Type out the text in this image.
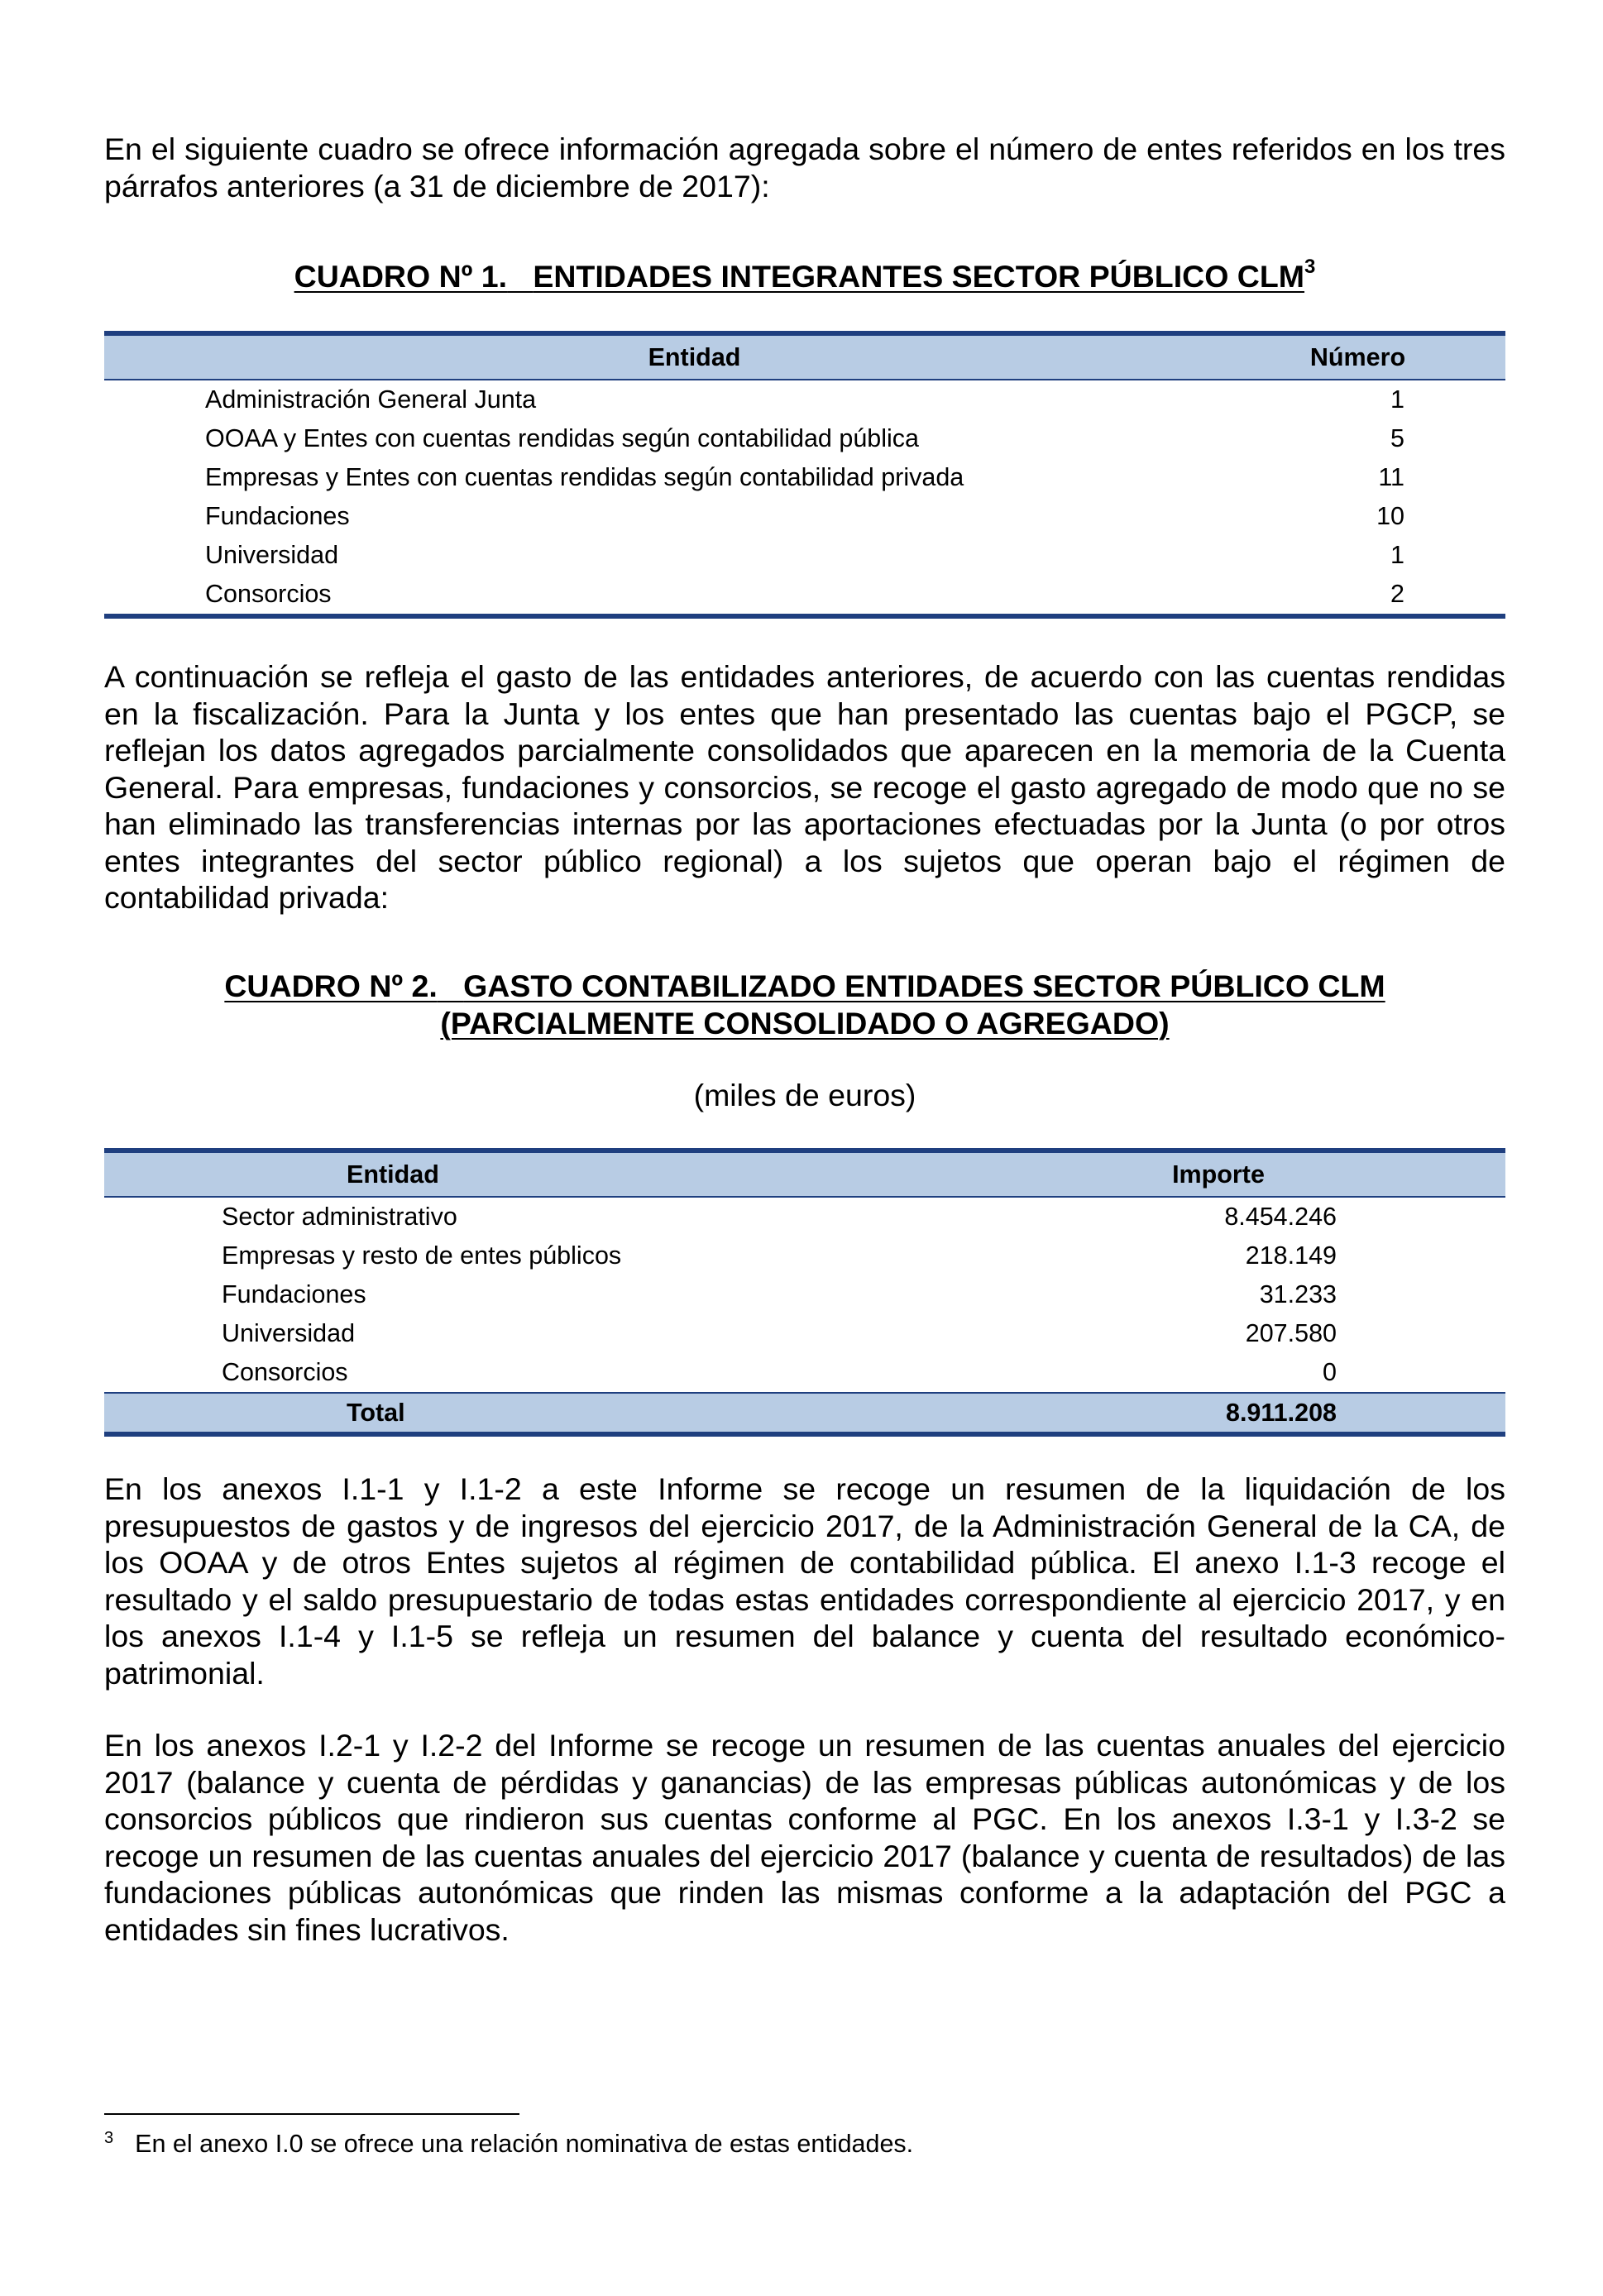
En el siguiente cuadro se ofrece información agregada sobre el número de entes referidos en los tres párrafos anteriores (a 31 de diciembre de 2017):

CUADRO Nº 1. ENTIDADES INTEGRANTES SECTOR PÚBLICO CLM$^3$

Entidad	Número
Administración General Junta	1
OOAA y Entes con cuentas rendidas según contabilidad pública	5
Empresas y Entes con cuentas rendidas según contabilidad privada	11
Fundaciones	10
Universidad	1
Consorcios	2

A continuación se refleja el gasto de las entidades anteriores, de acuerdo con las cuentas rendidas en la fiscalización. Para la Junta y los entes que han presentado las cuentas bajo el PGCP, se reflejan los datos agregados parcialmente consolidados que aparecen en la memoria de la Cuenta General. Para empresas, fundaciones y consorcios, se recoge el gasto agregado de modo que no se han eliminado las transferencias internas por las aportaciones efectuadas por la Junta (o por otros entes integrantes del sector público regional) a los sujetos que operan bajo el régimen de contabilidad privada:

CUADRO Nº 2. GASTO CONTABILIZADO ENTIDADES SECTOR PÚBLICO CLM
(PARCIALMENTE CONSOLIDADO O AGREGADO)

(miles de euros)

Entidad	Importe
Sector administrativo	8.454.246
Empresas y resto de entes públicos	218.149
Fundaciones	31.233
Universidad	207.580
Consorcios	0
Total	8.911.208

En los anexos I.1-1 y I.1-2 a este Informe se recoge un resumen de la liquidación de los presupuestos de gastos y de ingresos del ejercicio 2017, de la Administración General de la CA, de los OOAA y de otros Entes sujetos al régimen de contabilidad pública. El anexo I.1-3 recoge el resultado y el saldo presupuestario de todas estas entidades correspondiente al ejercicio 2017, y en los anexos I.1-4 y I.1-5 se refleja un resumen del balance y cuenta del resultado económico-patrimonial.

En los anexos I.2-1 y I.2-2 del Informe se recoge un resumen de las cuentas anuales del ejercicio 2017 (balance y cuenta de pérdidas y ganancias) de las empresas públicas autonómicas y de los consorcios públicos que rindieron sus cuentas conforme al PGC. En los anexos I.3-1 y I.3-2 se recoge un resumen de las cuentas anuales del ejercicio 2017 (balance y cuenta de resultados) de las fundaciones públicas autonómicas que rinden las mismas conforme a la adaptación del PGC a entidades sin fines lucrativos.

$^3$ En el anexo I.0 se ofrece una relación nominativa de estas entidades.
